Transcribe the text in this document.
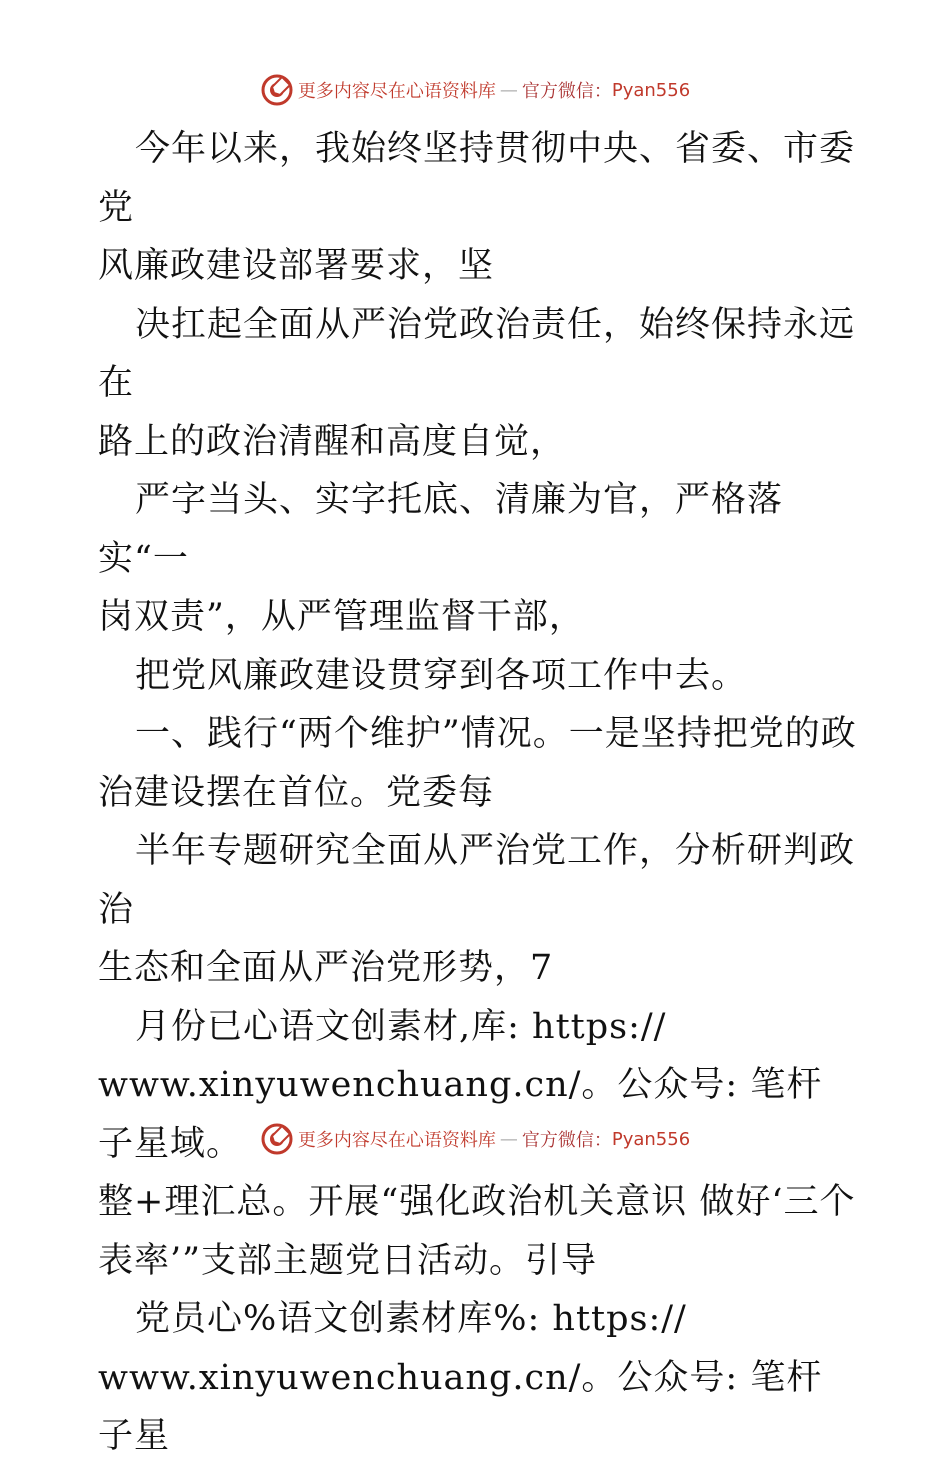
更多内容尽在心语资料库 — 官方微信： Pyan556

今年以来，我始终坚持贯彻中央、省委、市委党

风廉政建设部署要求，坚

决扛起全面从严治党政治责任，始终保持永远在

路上的政治清醒和高度自觉，

严字当头、实字托底、清廉为官，严格落实“一

岗双责”，从严管理监督干部，

把党风廉政建设贯穿到各项工作中去。

一、践行“两个维护”情况。一是坚持把党的政

治建设摆在首位。党委每

半年专题研究全面从严治党工作，分析研判政治

生态和全面从严治党形势，7

月份已心语文创素材,库: https://

www.xinyuwenchuang.cn/。公众号: 笔杆子星域。

整+理汇总。开展“强化政治机关意识 做好‘三个

表率’”支部主题党日活动。引导

党员心%语文创素材库%: https://

www.xinyuwenchuang.cn/。公众号: 笔杆子星

更多内容尽在心语资料库 — 官方微信： Pyan556
